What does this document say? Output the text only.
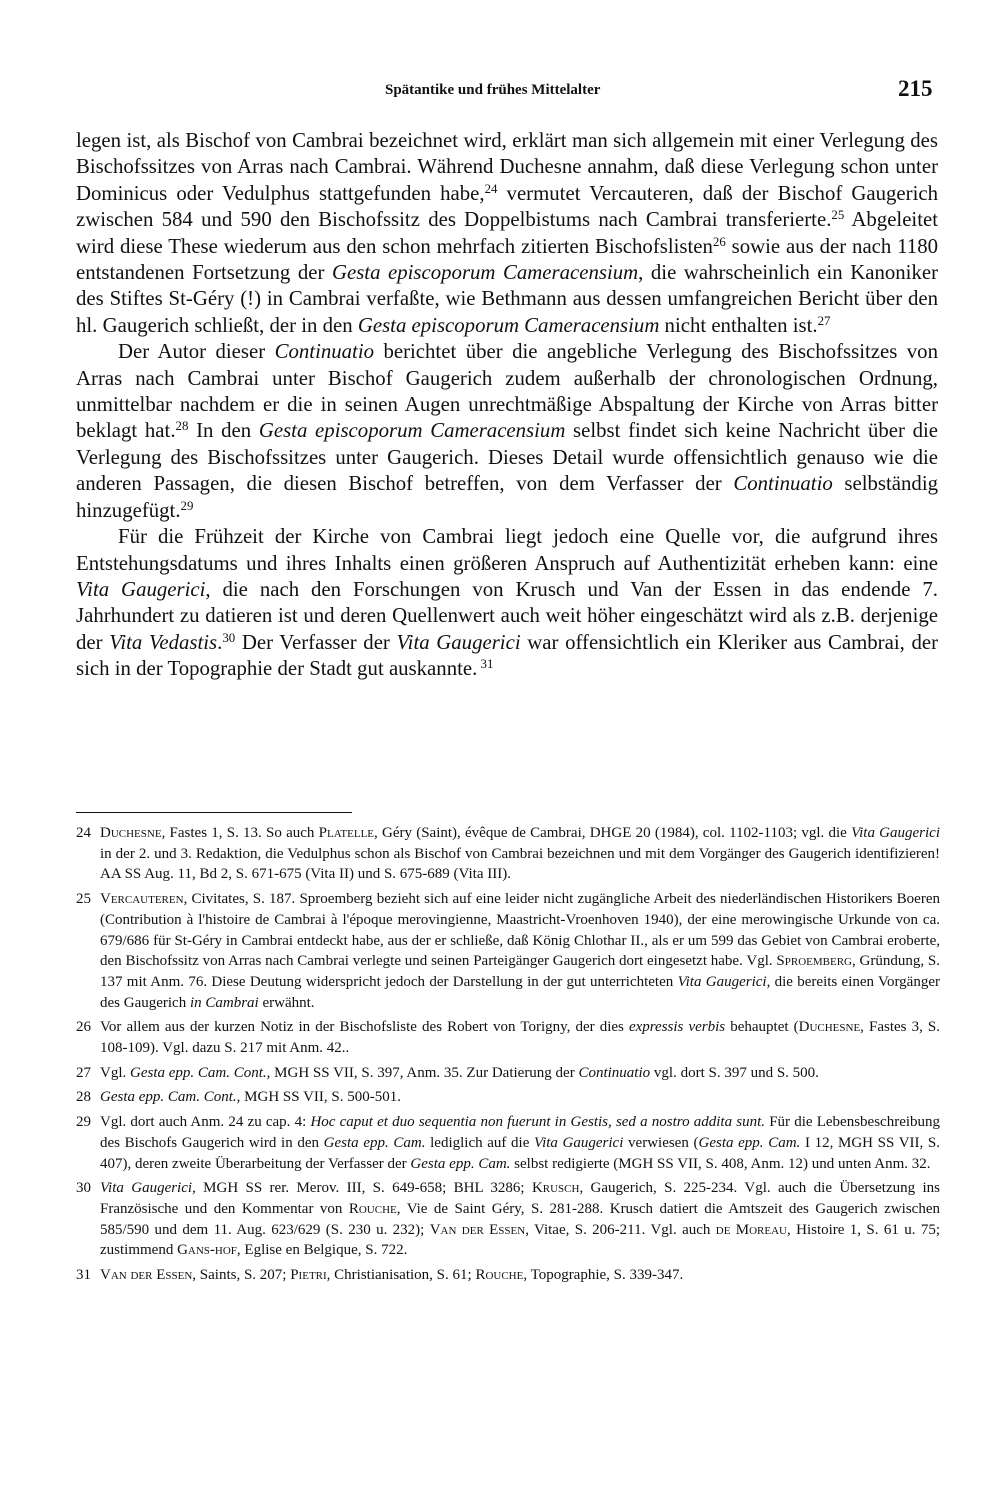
Spätantike und frühes Mittelalter	215

legen ist, als Bischof von Cambrai bezeichnet wird, erklärt man sich allgemein mit einer Verlegung des Bischofssitzes von Arras nach Cambrai. Während Duchesne annahm, daß diese Verlegung schon unter Dominicus oder Vedulphus stattgefunden habe,$^{24}$ vermutet Vercauteren, daß der Bischof Gaugerich zwischen 584 und 590 den Bischofssitz des Doppelbistums nach Cambrai transferierte.$^{25}$ Abgeleitet wird diese These wiederum aus den schon mehrfach zitierten Bischofslisten$^{26}$ sowie aus der nach 1180 entstandenen Fortsetzung der Gesta episcoporum Cameracensium, die wahrscheinlich ein Kanoniker des Stiftes St-Géry (!) in Cambrai verfaßte, wie Bethmann aus dessen umfangreichen Bericht über den hl. Gaugerich schließt, der in den Gesta episcoporum Cameracensium nicht enthalten ist.$^{27}$

Der Autor dieser Continuatio berichtet über die angebliche Verlegung des Bischofssitzes von Arras nach Cambrai unter Bischof Gaugerich zudem außerhalb der chronologischen Ordnung, unmittelbar nachdem er die in seinen Augen unrechtmäßige Abspaltung der Kirche von Arras bitter beklagt hat.$^{28}$ In den Gesta episcoporum Cameracensium selbst findet sich keine Nachricht über die Verlegung des Bischofssitzes unter Gaugerich. Dieses Detail wurde offensichtlich genauso wie die anderen Passagen, die diesen Bischof betreffen, von dem Verfasser der Continuatio selbständig hinzugefügt.$^{29}$

Für die Frühzeit der Kirche von Cambrai liegt jedoch eine Quelle vor, die aufgrund ihres Entstehungsdatums und ihres Inhalts einen größeren Anspruch auf Authentizität erheben kann: eine Vita Gaugerici, die nach den Forschungen von Krusch und Van der Essen in das endende 7. Jahrhundert zu datieren ist und deren Quellenwert auch weit höher eingeschätzt wird als z.B. derjenige der Vita Vedastis.$^{30}$ Der Verfasser der Vita Gaugerici war offensichtlich ein Kleriker aus Cambrai, der sich in der Topographie der Stadt gut auskannte. $^{31}$

24 Duchesne, Fastes 1, S. 13. So auch Platelle, Géry (Saint), évêque de Cambrai, DHGE 20 (1984), col. 1102-1103; vgl. die Vita Gaugerici in der 2. und 3. Redaktion, die Vedulphus schon als Bischof von Cambrai bezeichnen und mit dem Vorgänger des Gaugerich identifizieren! AA SS Aug. 11, Bd 2, S. 671-675 (Vita II) und S. 675-689 (Vita III).
25 Vercauteren, Civitates, S. 187. Sproemberg bezieht sich auf eine leider nicht zugängliche Arbeit des niederländischen Historikers Boeren (Contribution à l'histoire de Cambrai à l'époque merovingienne, Maastricht-Vroenhoven 1940), der eine merowingische Urkunde von ca. 679/686 für St-Géry in Cambrai entdeckt habe, aus der er schließe, daß König Chlothar II., als er um 599 das Gebiet von Cambrai eroberte, den Bischofssitz von Arras nach Cambrai verlegte und seinen Parteigänger Gaugerich dort eingesetzt habe. Vgl. Sproemberg, Gründung, S. 137 mit Anm. 76. Diese Deutung widerspricht jedoch der Darstellung in der gut unterrichteten Vita Gaugerici, die bereits einen Vorgänger des Gaugerich in Cambrai erwähnt.
26 Vor allem aus der kurzen Notiz in der Bischofsliste des Robert von Torigny, der dies expressis verbis behauptet (Duchesne, Fastes 3, S. 108-109). Vgl. dazu S. 217 mit Anm. 42..
27 Vgl. Gesta epp. Cam. Cont., MGH SS VII, S. 397, Anm. 35. Zur Datierung der Continuatio vgl. dort S. 397 und S. 500.
28 Gesta epp. Cam. Cont., MGH SS VII, S. 500-501.
29 Vgl. dort auch Anm. 24 zu cap. 4: Hoc caput et duo sequentia non fuerunt in Gestis, sed a nostro addita sunt. Für die Lebensbeschreibung des Bischofs Gaugerich wird in den Gesta epp. Cam. lediglich auf die Vita Gaugerici verwiesen (Gesta epp. Cam. I 12, MGH SS VII, S. 407), deren zweite Überarbeitung der Verfasser der Gesta epp. Cam. selbst redigierte (MGH SS VII, S. 408, Anm. 12) und unten Anm. 32.
30 Vita Gaugerici, MGH SS rer. Merov. III, S. 649-658; BHL 3286; Krusch, Gaugerich, S. 225-234. Vgl. auch die Übersetzung ins Französische und den Kommentar von Rouche, Vie de Saint Géry, S. 281-288. Krusch datiert die Amtszeit des Gaugerich zwischen 585/590 und dem 11. Aug. 623/629 (S. 230 u. 232); Van der Essen, Vitae, S. 206-211. Vgl. auch de Moreau, Histoire 1, S. 61 u. 75; zustimmend Gans-hof, Eglise en Belgique, S. 722.
31 Van der Essen, Saints, S. 207; Pietri, Christianisation, S. 61; Rouche, Topographie, S. 339-347.
